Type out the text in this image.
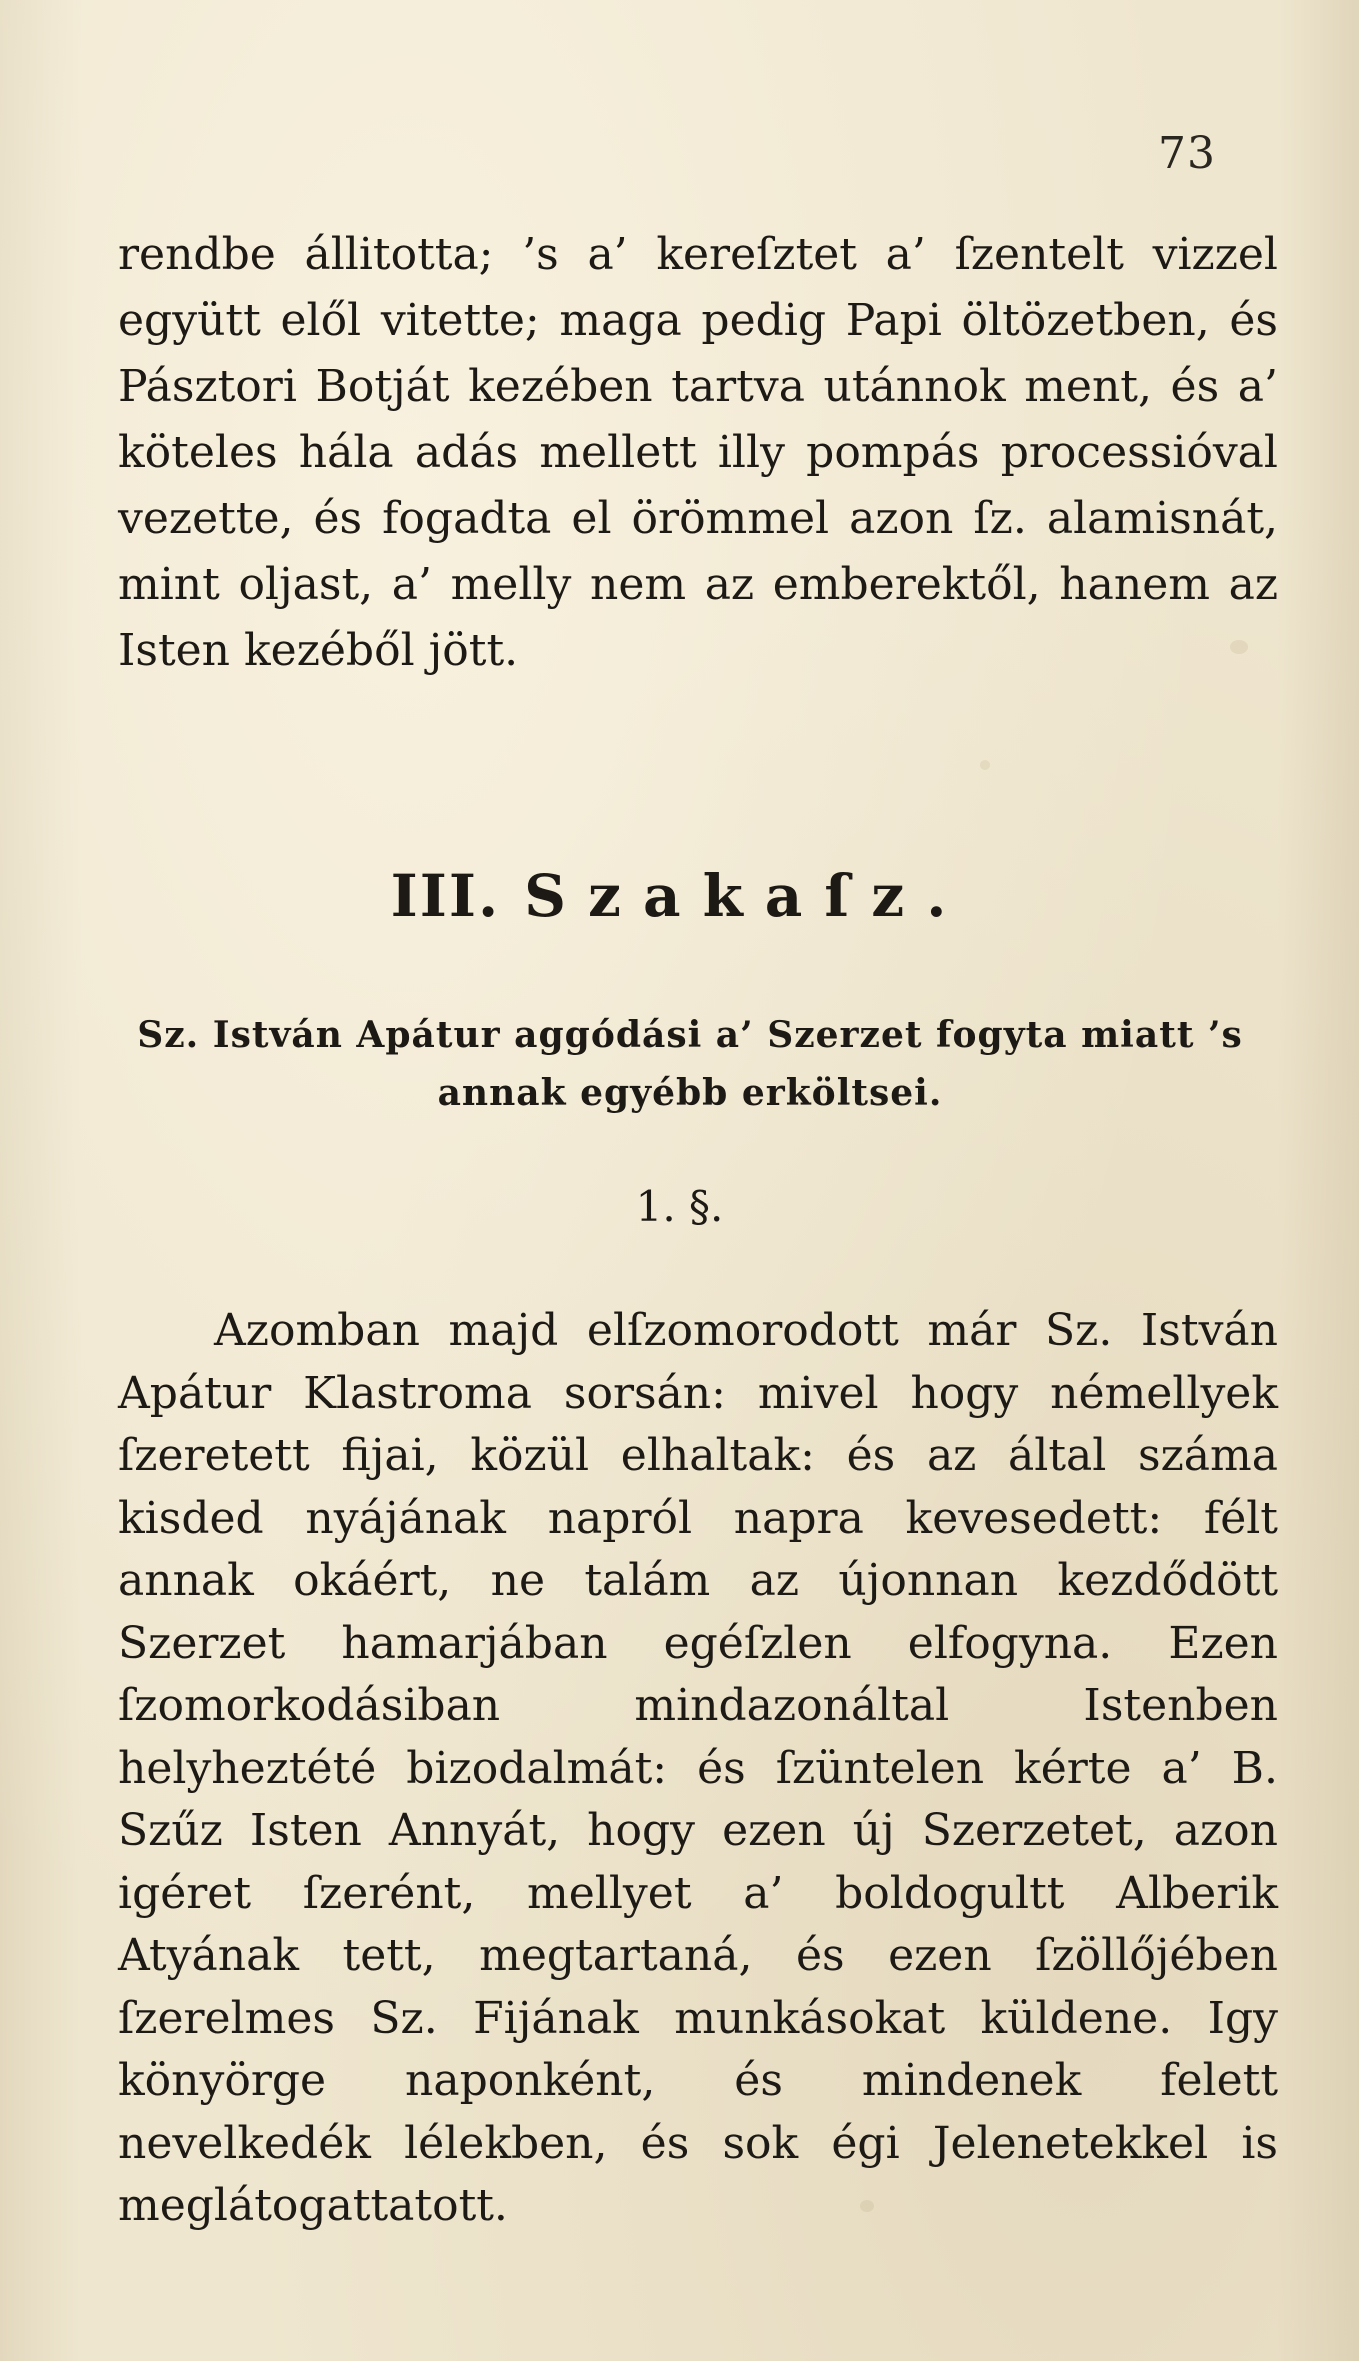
73

rendbe állitotta; ’s a’ kereſztet a’ ſzentelt vizzel együtt elől vitette; maga pedig Papi öltözetben, és Pásztori Botját kezében tartva utánnok ment, és a’ köteles hála adás mellett illy pompás processióval vezette, és fogadta el örömmel azon ſz. alamisnát, mint oljast, a’ melly nem az emberektől, hanem az Isten kezéből jött.

III. Szakaſz.
Sz. István Apátur aggódási a’ Szerzet fogyta miatt ’s
annak egyébb erköltsei.
1. §.

Azomban majd elſzomorodott már Sz. István Apátur Klastroma sorsán: mivel hogy némellyek ſzeretett fijai, közül elhaltak: és az által száma kisded nyájának napról napra kevesedett: félt annak okáért, ne talám az újonnan kezdődött Szerzet hamarjában egéſzlen elfogyna. Ezen ſzomorkodásiban mindazonáltal Istenben helyheztété bizodalmát: és ſzüntelen kérte a’ B. Szűz Isten Annyát, hogy ezen új Szerzetet, azon igéret ſzerént, mellyet a’ boldogultt Alberik Atyának tett, megtartaná, és ezen ſzöllőjében ſzerelmes Sz. Fijának munkásokat küldene. Igy könyörge naponként, és mindenek felett nevelkedék lélekben, és sok égi Jelenetekkel is meglátogattatott.
